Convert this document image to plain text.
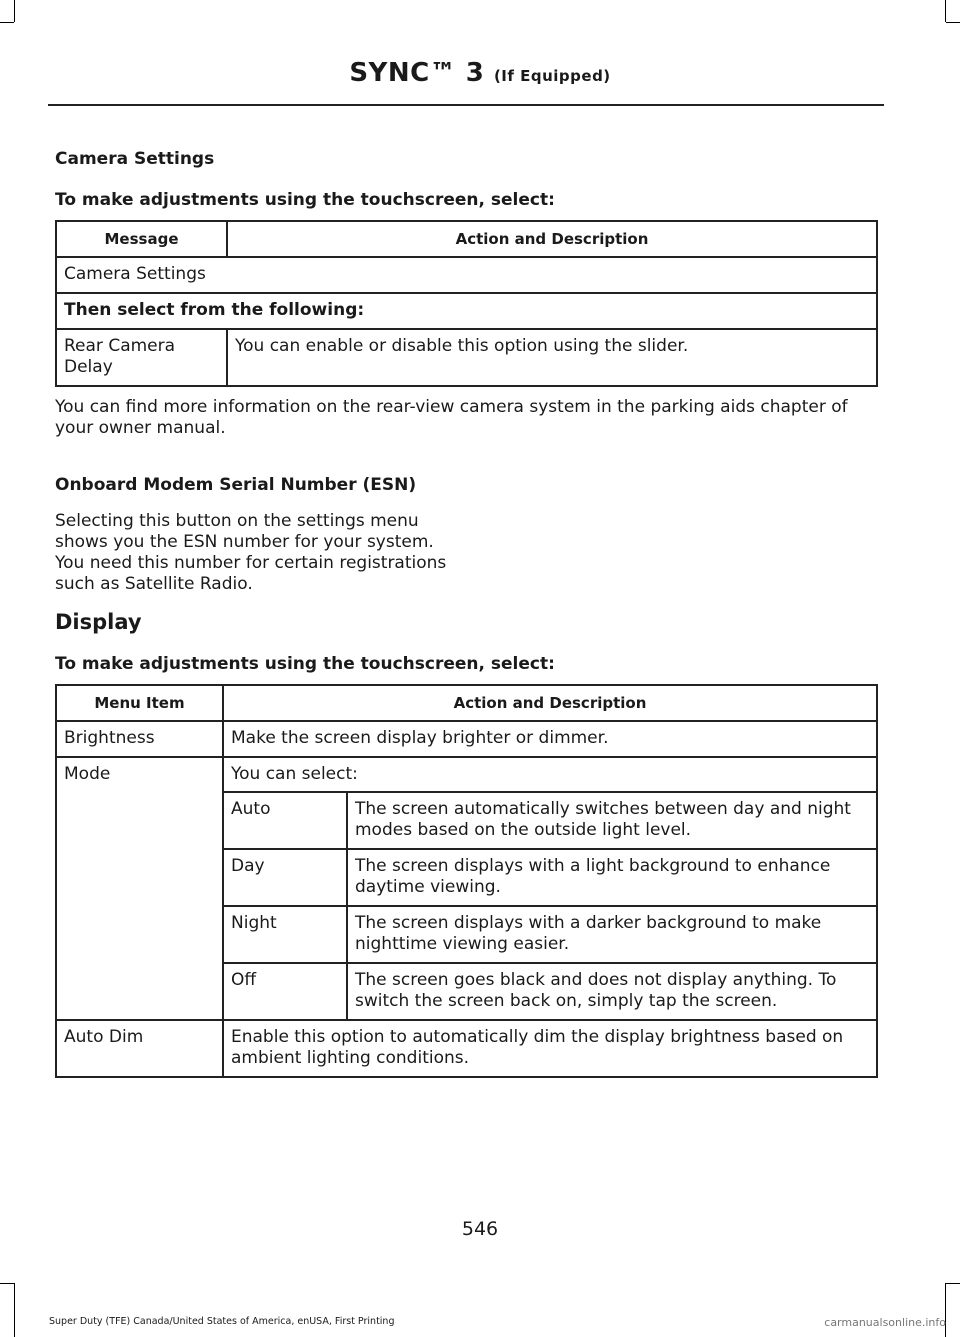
SYNC™ 3 (If Equipped)
Camera Settings
To make adjustments using the touchscreen, select:
Message	Action and Description
Camera Settings	
Then select from the following:	
Rear Camera Delay	You can enable or disable this option using the slider.
You can find more information on the rear-view camera system in the parking aids chapter of your owner manual.
Onboard Modem Serial Number (ESN)
Selecting this button on the settings menu shows you the ESN number for your system. You need this number for certain registrations such as Satellite Radio.
Display
To make adjustments using the touchscreen, select:
Menu Item	Action and Description
Brightness	Make the screen display brighter or dimmer.
Mode	You can select:
Auto	The screen automatically switches between day and night modes based on the outside light level.
Day	The screen displays with a light background to enhance daytime viewing.
Night	The screen displays with a darker background to make nighttime viewing easier.
Off	The screen goes black and does not display anything. To switch the screen back on, simply tap the screen.

Auto Dim	Enable this option to automatically dim the display brightness based on ambient lighting conditions.
546
Super Duty (TFE) Canada/United States of America, enUSA, First Printing	carmanualsonline.info
